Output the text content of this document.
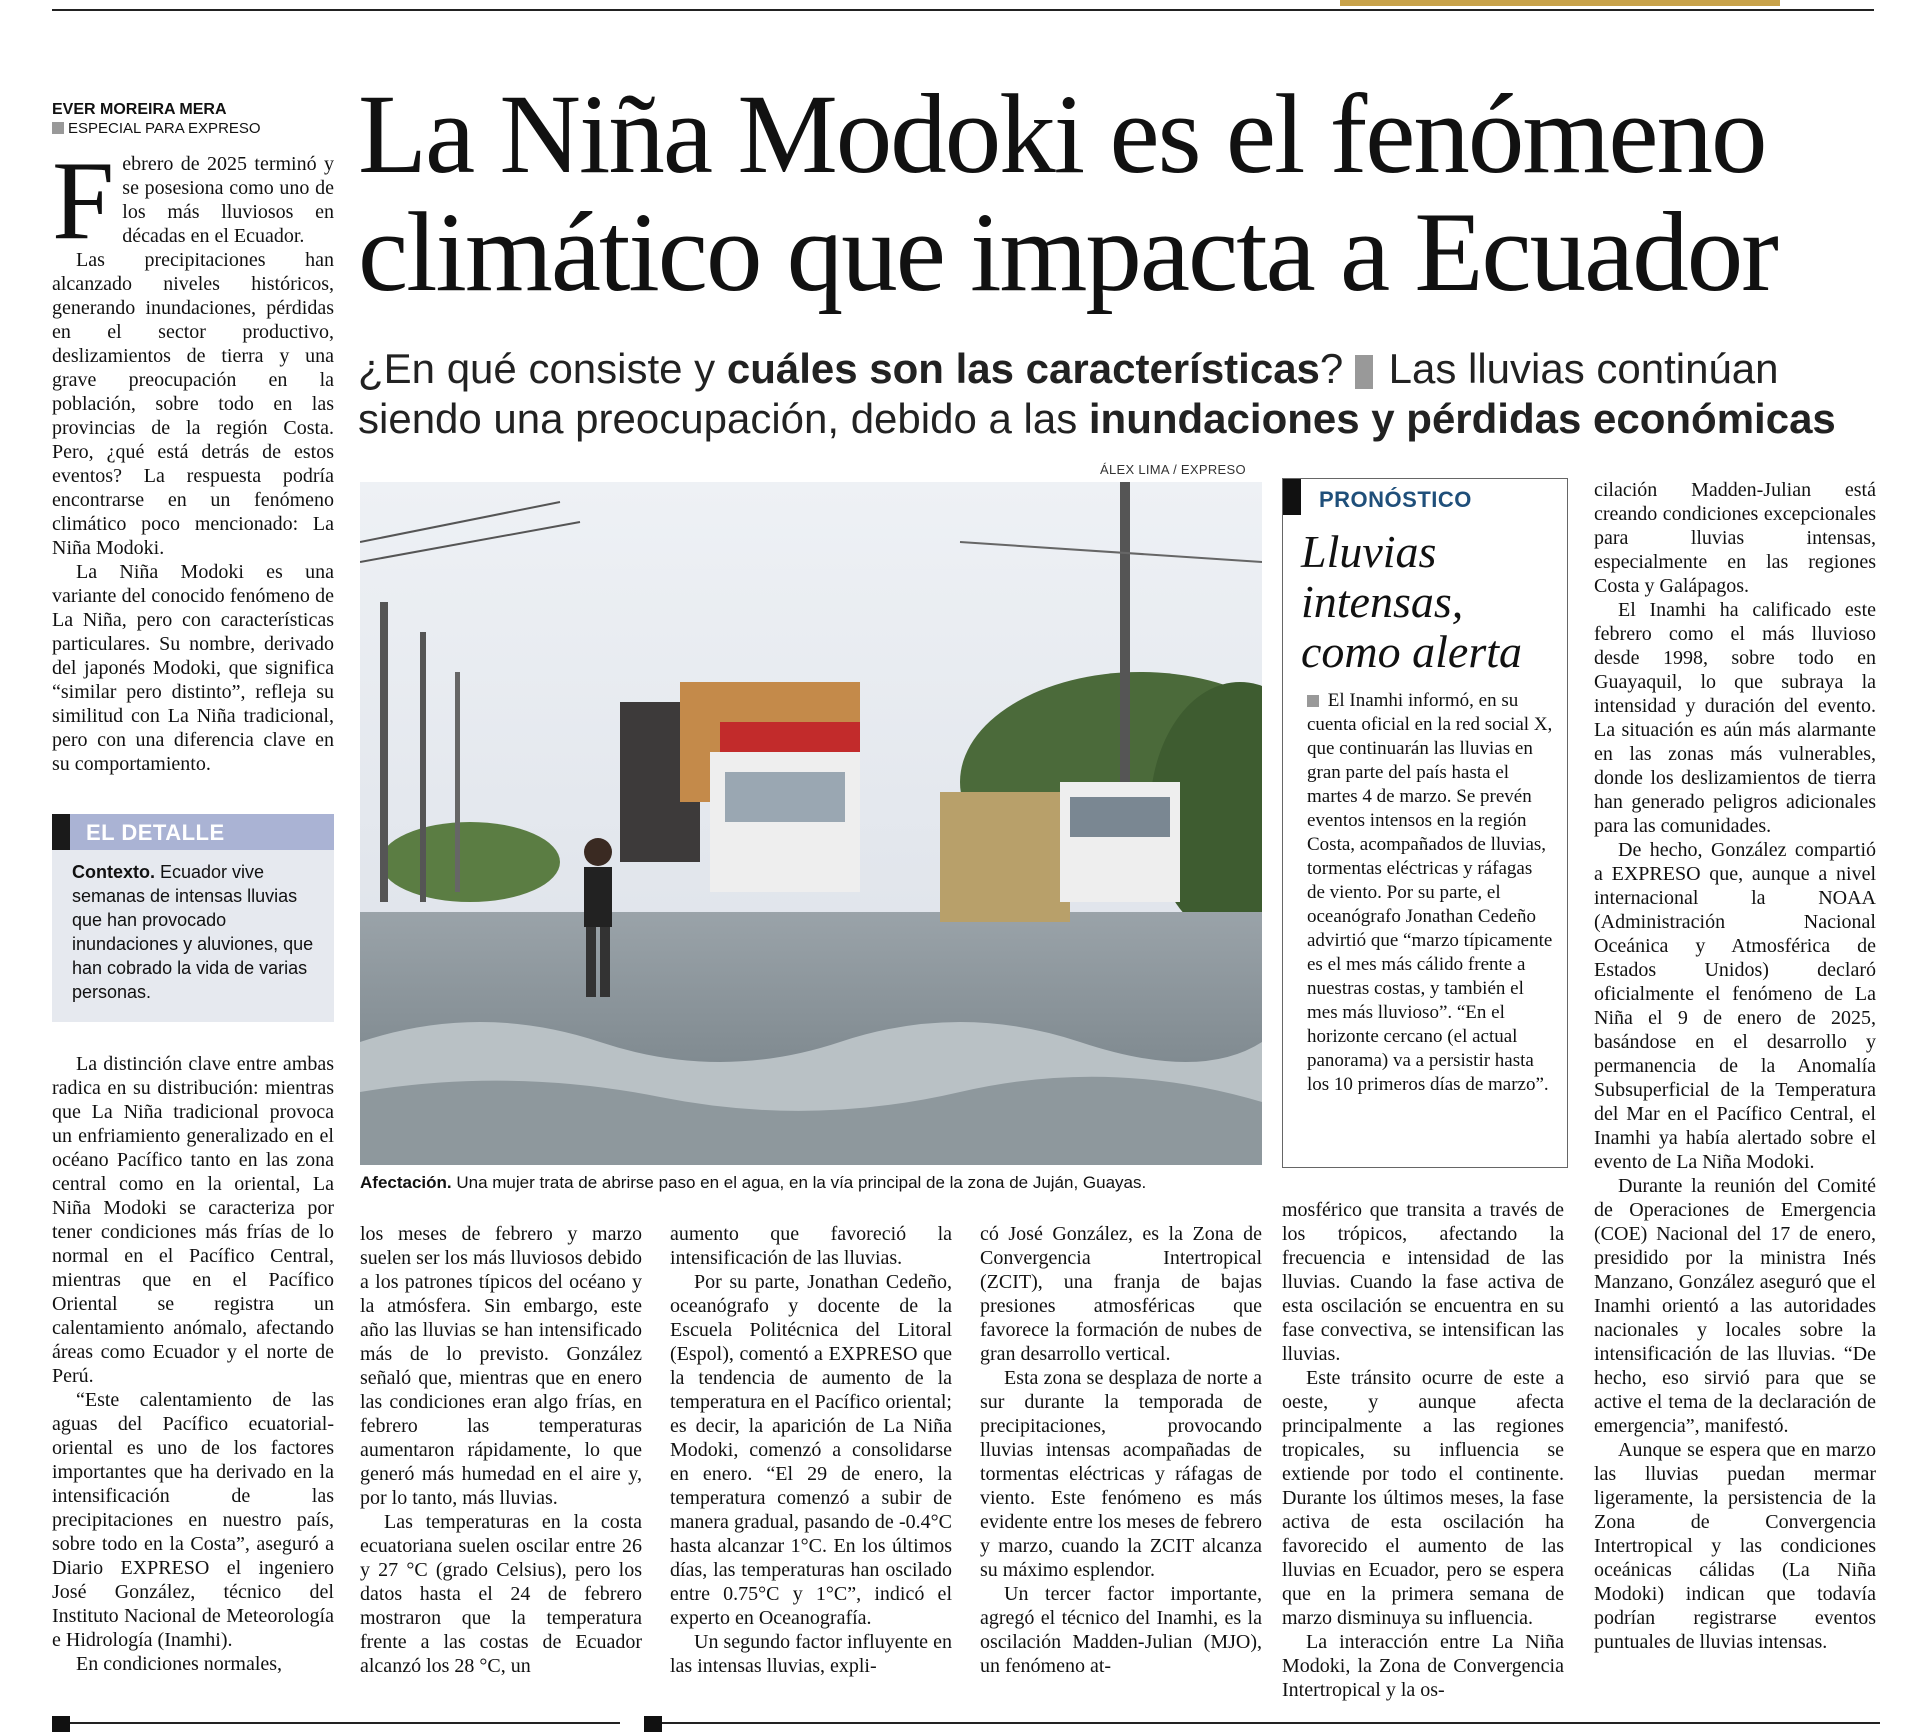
EVER MOREIRA MERA
ESPECIAL PARA EXPRESO La Niña Modoki es el fenómeno
climático que impacta a Ecuador
¿En qué consiste y cuáles son las características?  Las lluvias continúan
siendo una preocupación, debido a las inundaciones y pérdidas económicas

Febrero de 2025 terminó y se posesiona como uno de los más lluviosos en décadas en el Ecuador.

Las precipitaciones han alcanzado niveles históricos, generando inundaciones, pérdidas en el sector productivo, deslizamientos de tierra y una grave preocupación en la población, sobre todo en las provincias de la región Costa. Pero, ¿qué está detrás de estos eventos? La respuesta podría encontrarse en un fenómeno climático poco mencionado: La Niña Modoki.

La Niña Modoki es una variante del conocido fenómeno de La Niña, pero con características particulares. Su nombre, derivado del japonés Modoki, que significa “similar pero distinto”, refleja su similitud con La Niña tradicional, pero con una diferencia clave en su comportamiento.

EL DETALLE
Contexto. Ecuador vive semanas de intensas lluvias que han provocado inundaciones y aluviones, que han cobrado la vida de varias personas.

La distinción clave entre ambas radica en su distribución: mientras que La Niña tradicional provoca un enfriamiento generalizado en el océano Pacífico tanto en las zona central como en la oriental, La Niña Modoki se caracteriza por tener condiciones más frías de lo normal en el Pacífico Central, mientras que en el Pacífico Oriental se registra un calentamiento anómalo, afectando áreas como Ecuador y el norte de Perú.

“Este calentamiento de las aguas del Pacífico ecuatorial-oriental es uno de los factores importantes que ha derivado en la intensificación de las precipitaciones en nuestro país, sobre todo en la Costa”, aseguró a Diario EXPRESO el ingeniero José González, técnico del Instituto Nacional de Meteorología e Hidrología (Inamhi).

En condiciones normales,

ÁLEX LIMA / EXPRESO
Afectación. Una mujer trata de abrirse paso en el agua, en la vía principal de la zona de Juján, Guayas.

los meses de febrero y marzo suelen ser los más lluviosos debido a los patrones típicos del océano y la atmósfera. Sin embargo, este año las lluvias se han intensificado más de lo previsto. González señaló que, mientras que en enero las condiciones eran algo frías, en febrero las temperaturas aumentaron rápidamente, lo que generó más humedad en el aire y, por lo tanto, más lluvias.

Las temperaturas en la costa ecuatoriana suelen oscilar entre 26 y 27 °C (grado Celsius), pero los datos hasta el 24 de febrero mostraron que la temperatura frente a las costas de Ecuador alcanzó los 28 °C, un

aumento que favoreció la intensificación de las lluvias.

Por su parte, Jonathan Cedeño, oceanógrafo y docente de la Escuela Politécnica del Litoral (Espol), comentó a EXPRESO que la tendencia de aumento de la temperatura en el Pacífico oriental; es decir, la aparición de La Niña Modoki, comenzó a consolidarse en enero. “El 29 de enero, la temperatura comenzó a subir de manera gradual, pasando de -0.4°C hasta alcanzar 1°C. En los últimos días, las temperaturas han oscilado entre 0.75°C y 1°C”, indicó el experto en Oceanografía.

Un segundo factor influyente en las intensas lluvias, expli-

có José González, es la Zona de Convergencia Intertropical (ZCIT), una franja de bajas presiones atmosféricas que favorece la formación de nubes de gran desarrollo vertical.

Esta zona se desplaza de norte a sur durante la temporada de precipitaciones, provocando lluvias intensas acompañadas de tormentas eléctricas y ráfagas de viento. Este fenómeno es más evidente entre los meses de febrero y marzo, cuando la ZCIT alcanza su máximo esplendor.

Un tercer factor importante, agregó el técnico del Inamhi, es la oscilación Madden-Julian (MJO), un fenómeno at-

PRONÓSTICO
Lluvias intensas, como alerta
El Inamhi informó, en su cuenta oficial en la red social X, que continuarán las lluvias en gran parte del país hasta el martes 4 de marzo. Se prevén eventos intensos en la región Costa, acompañados de lluvias, tormentas eléctricas y ráfagas de viento. Por su parte, el oceanógrafo Jonathan Cedeño advirtió que “marzo típicamente es el mes más cálido frente a nuestras costas, y también el mes más lluvioso”. “En el horizonte cercano (el actual panorama) va a persistir hasta los 10 primeros días de marzo”.

mosférico que transita a través de los trópicos, afectando la frecuencia e intensidad de las lluvias. Cuando la fase activa de esta oscilación se encuentra en su fase convectiva, se intensifican las lluvias.

Este tránsito ocurre de este a oeste, y aunque afecta principalmente a las regiones tropicales, su influencia se extiende por todo el continente. Durante los últimos meses, la fase activa de esta oscilación ha favorecido el aumento de las lluvias en Ecuador, pero se espera que en la primera semana de marzo disminuya su influencia.

La interacción entre La Niña Modoki, la Zona de Convergencia Intertropical y la os-

cilación Madden-Julian está creando condiciones excepcionales para lluvias intensas, especialmente en las regiones Costa y Galápagos.

El Inamhi ha calificado este febrero como el más lluvioso desde 1998, sobre todo en Guayaquil, lo que subraya la intensidad y duración del evento. La situación es aún más alarmante en las zonas más vulnerables, donde los deslizamientos de tierra han generado peligros adicionales para las comunidades.

De hecho, González compartió a EXPRESO que, aunque a nivel internacional la NOAA (Administración Nacional Oceánica y Atmosférica de Estados Unidos) declaró oficialmente el fenómeno de La Niña el 9 de enero de 2025, basándose en el desarrollo y permanencia de la Anomalía Subsuperficial de la Temperatura del Mar en el Pacífico Central, el Inamhi ya había alertado sobre el evento de La Niña Modoki.

Durante la reunión del Comité de Operaciones de Emergencia (COE) Nacional del 17 de enero, presidido por la ministra Inés Manzano, González aseguró que el Inamhi orientó a las autoridades nacionales y locales sobre la intensificación de las lluvias. “De hecho, eso sirvió para que se active el tema de la declaración de emergencia”, manifestó.

Aunque se espera que en marzo las lluvias puedan mermar ligeramente, la persistencia de la Zona de Convergencia Intertropical y las condiciones oceánicas cálidas (La Niña Modoki) indican que todavía podrían registrarse eventos puntuales de lluvias intensas.
